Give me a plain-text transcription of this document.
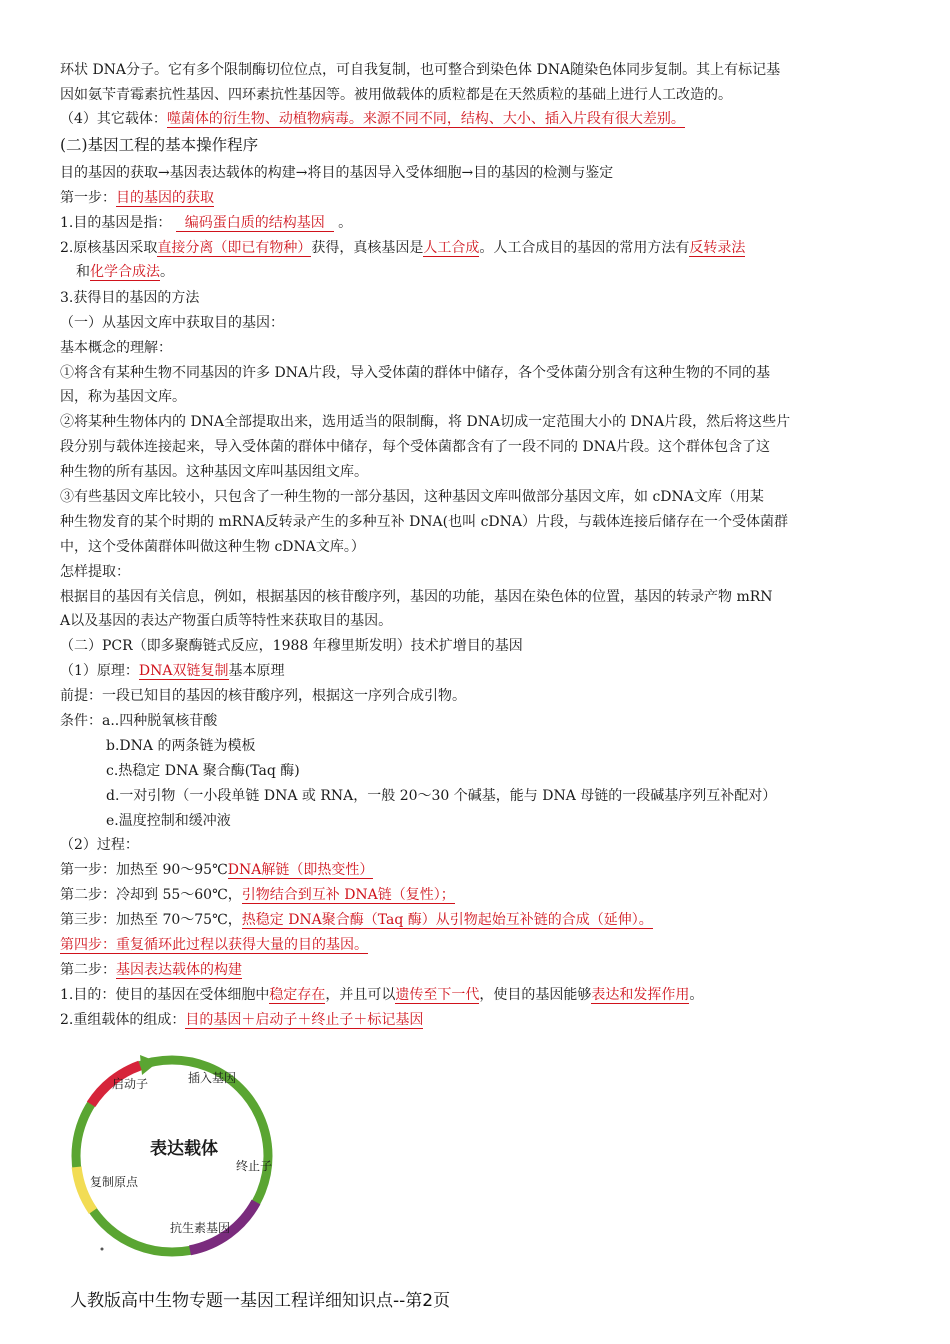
环状 DNA分子。它有多个限制酶切位位点，可自我复制，也可整合到染色体 DNA随染色体同步复制。其上有标记基
因如氨苄青霉素抗性基因、四环素抗性基因等。被用做载体的质粒都是在天然质粒的基础上进行人工改造的。
（4）其它载体：噬菌体的衍生物、动植物病毒。来源不同不同，结构、大小、插入片段有很大差别。
(二)基因工程的基本操作程序
目的基因的获取→基因表达载体的构建→将目的基因导入受体细胞→目的基因的检测与鉴定
第一步：目的基因的获取
1.目的基因是指： 编码蛋白质的结构基因 。
2.原核基因采取直接分离（即已有物种）获得，真核基因是人工合成。人工合成目的基因的常用方法有反转录法
和化学合成法。
3.获得目的基因的方法
（一）从基因文库中获取目的基因：
基本概念的理解：
①将含有某种生物不同基因的许多 DNA片段，导入受体菌的群体中储存，各个受体菌分别含有这种生物的不同的基
因，称为基因文库。
②将某种生物体内的 DNA全部提取出来，选用适当的限制酶，将 DNA切成一定范围大小的 DNA片段，然后将这些片
段分别与载体连接起来，导入受体菌的群体中储存，每个受体菌都含有了一段不同的 DNA片段。这个群体包含了这
种生物的所有基因。这种基因文库叫基因组文库。
③有些基因文库比较小，只包含了一种生物的一部分基因，这种基因文库叫做部分基因文库，如 cDNA文库（用某
种生物发育的某个时期的 mRNA反转录产生的多种互补 DNA(也叫 cDNA）片段，与载体连接后储存在一个受体菌群
中，这个受体菌群体叫做这种生物 cDNA文库。）
怎样提取：
根据目的基因有关信息，例如，根据基因的核苷酸序列，基因的功能，基因在染色体的位置，基因的转录产物 mRN
A以及基因的表达产物蛋白质等特性来获取目的基因。
（二）PCR（即多聚酶链式反应，1988 年穆里斯发明）技术扩增目的基因
（1）原理：DNA双链复制基本原理
前提：一段已知目的基因的核苷酸序列，根据这一序列合成引物。
条件：a..四种脱氧核苷酸
b.DNA 的两条链为模板
c.热稳定 DNA 聚合酶(Taq 酶)
d.一对引物（一小段单链 DNA 或 RNA，一般 20～30 个碱基，能与 DNA 母链的一段碱基序列互补配对）
e.温度控制和缓冲液
（2）过程：
第一步：加热至 90～95℃DNA解链（即热变性）
第二步：冷却到 55～60℃，引物结合到互补 DNA链（复性）；
第三步：加热至 70～75℃，热稳定 DNA聚合酶（Taq 酶）从引物起始互补链的合成（延伸）。
第四步：重复循环此过程以获得大量的目的基因。
第二步：基因表达载体的构建
1.目的：使目的基因在受体细胞中稳定存在，并且可以遗传至下一代，使目的基因能够表达和发挥作用。
2.重组载体的组成：目的基因＋启动子＋终止子＋标记基因
启动子	插入基因
表达载体
终止子
复制原点
抗生素基因
人教版高中生物专题一基因工程详细知识点--第2页
